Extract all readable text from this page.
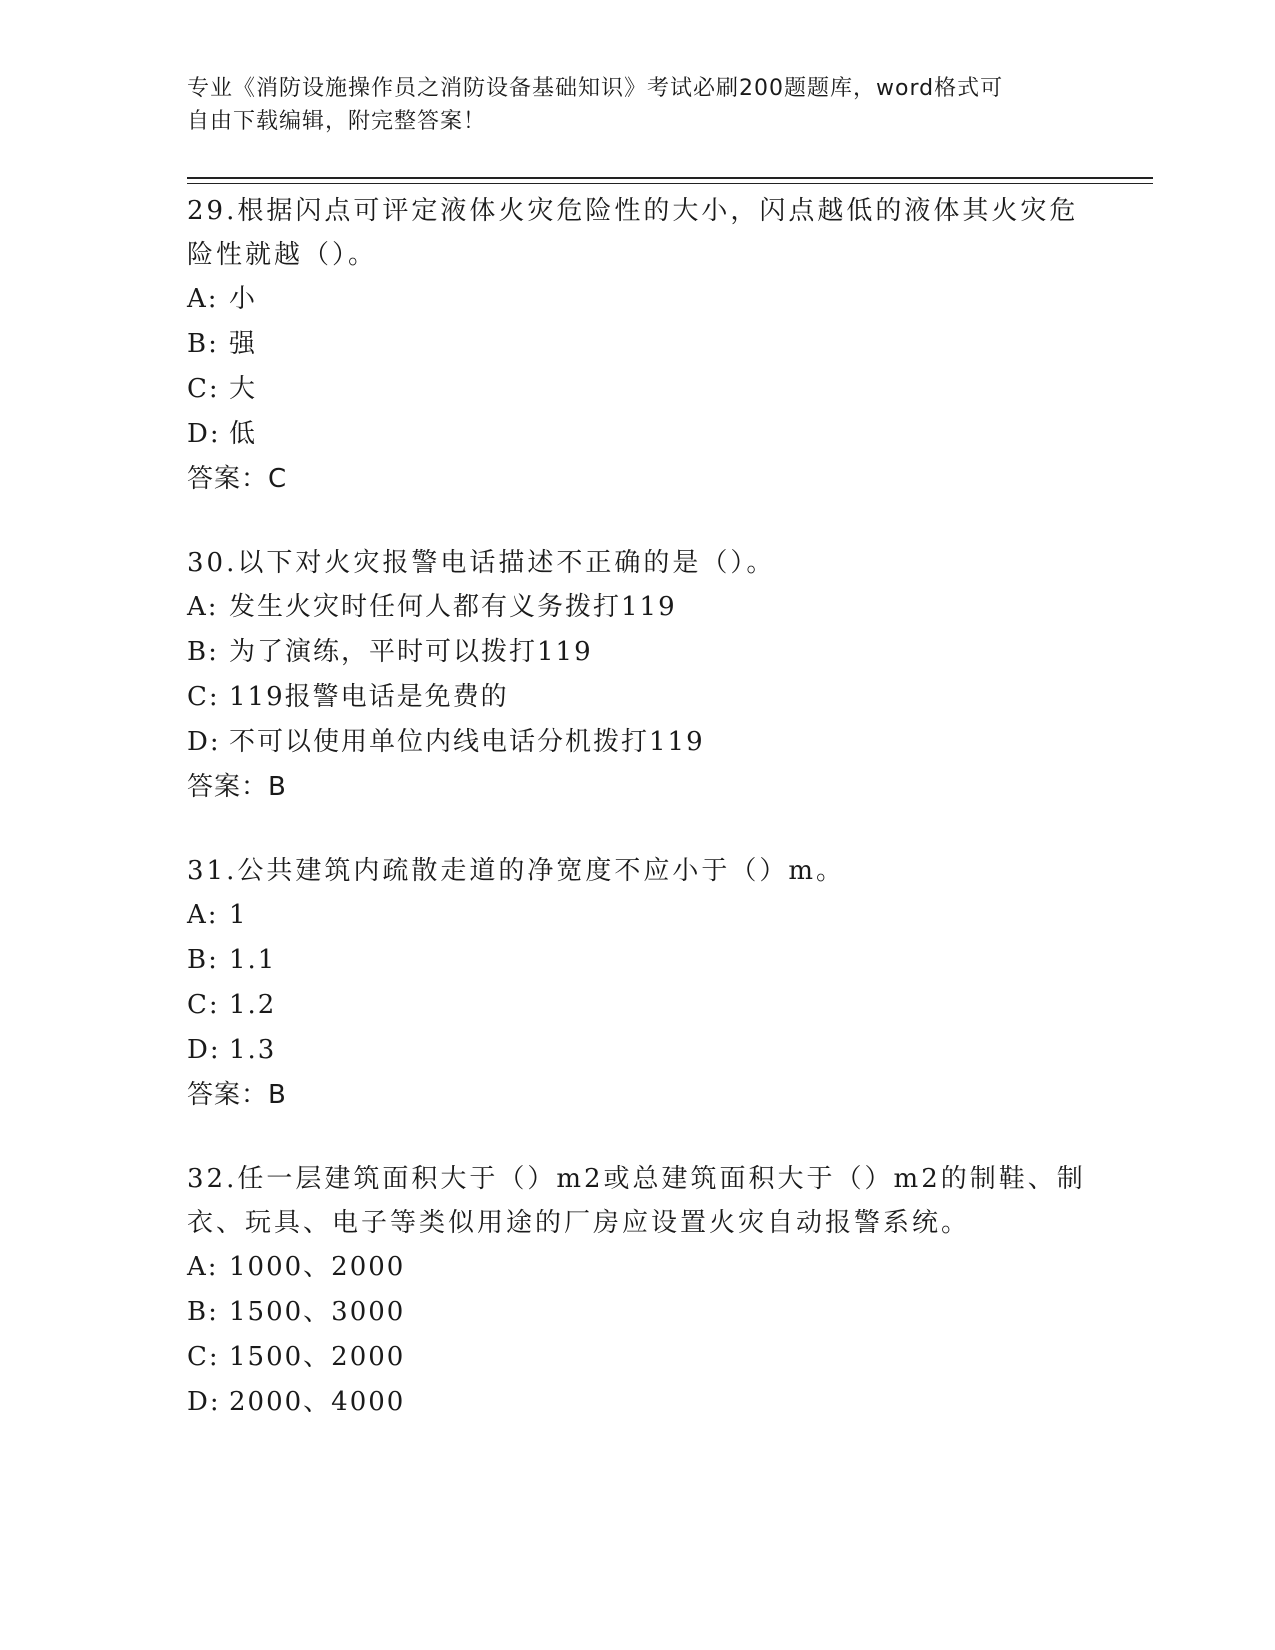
专业《消防设施操作员之消防设备基础知识》考试必刷200题题库，word格式可
自由下载编辑，附完整答案！
29.根据闪点可评定液体火灾危险性的大小，闪点越低的液体其火灾危
险性就越（）。
A: 小
B: 强
C: 大
D: 低
答案：C
30.以下对火灾报警电话描述不正确的是（）。
A: 发生火灾时任何人都有义务拨打119
B: 为了演练，平时可以拨打119
C: 119报警电话是免费的
D: 不可以使用单位内线电话分机拨打119
答案：B
31.公共建筑内疏散走道的净宽度不应小于（）m。
A: 1
B: 1.1
C: 1.2
D: 1.3
答案：B
32.任一层建筑面积大于（）m2或总建筑面积大于（）m2的制鞋、制
衣、玩具、电子等类似用途的厂房应设置火灾自动报警系统。
A: 1000、2000
B: 1500、3000
C: 1500、2000
D: 2000、4000
